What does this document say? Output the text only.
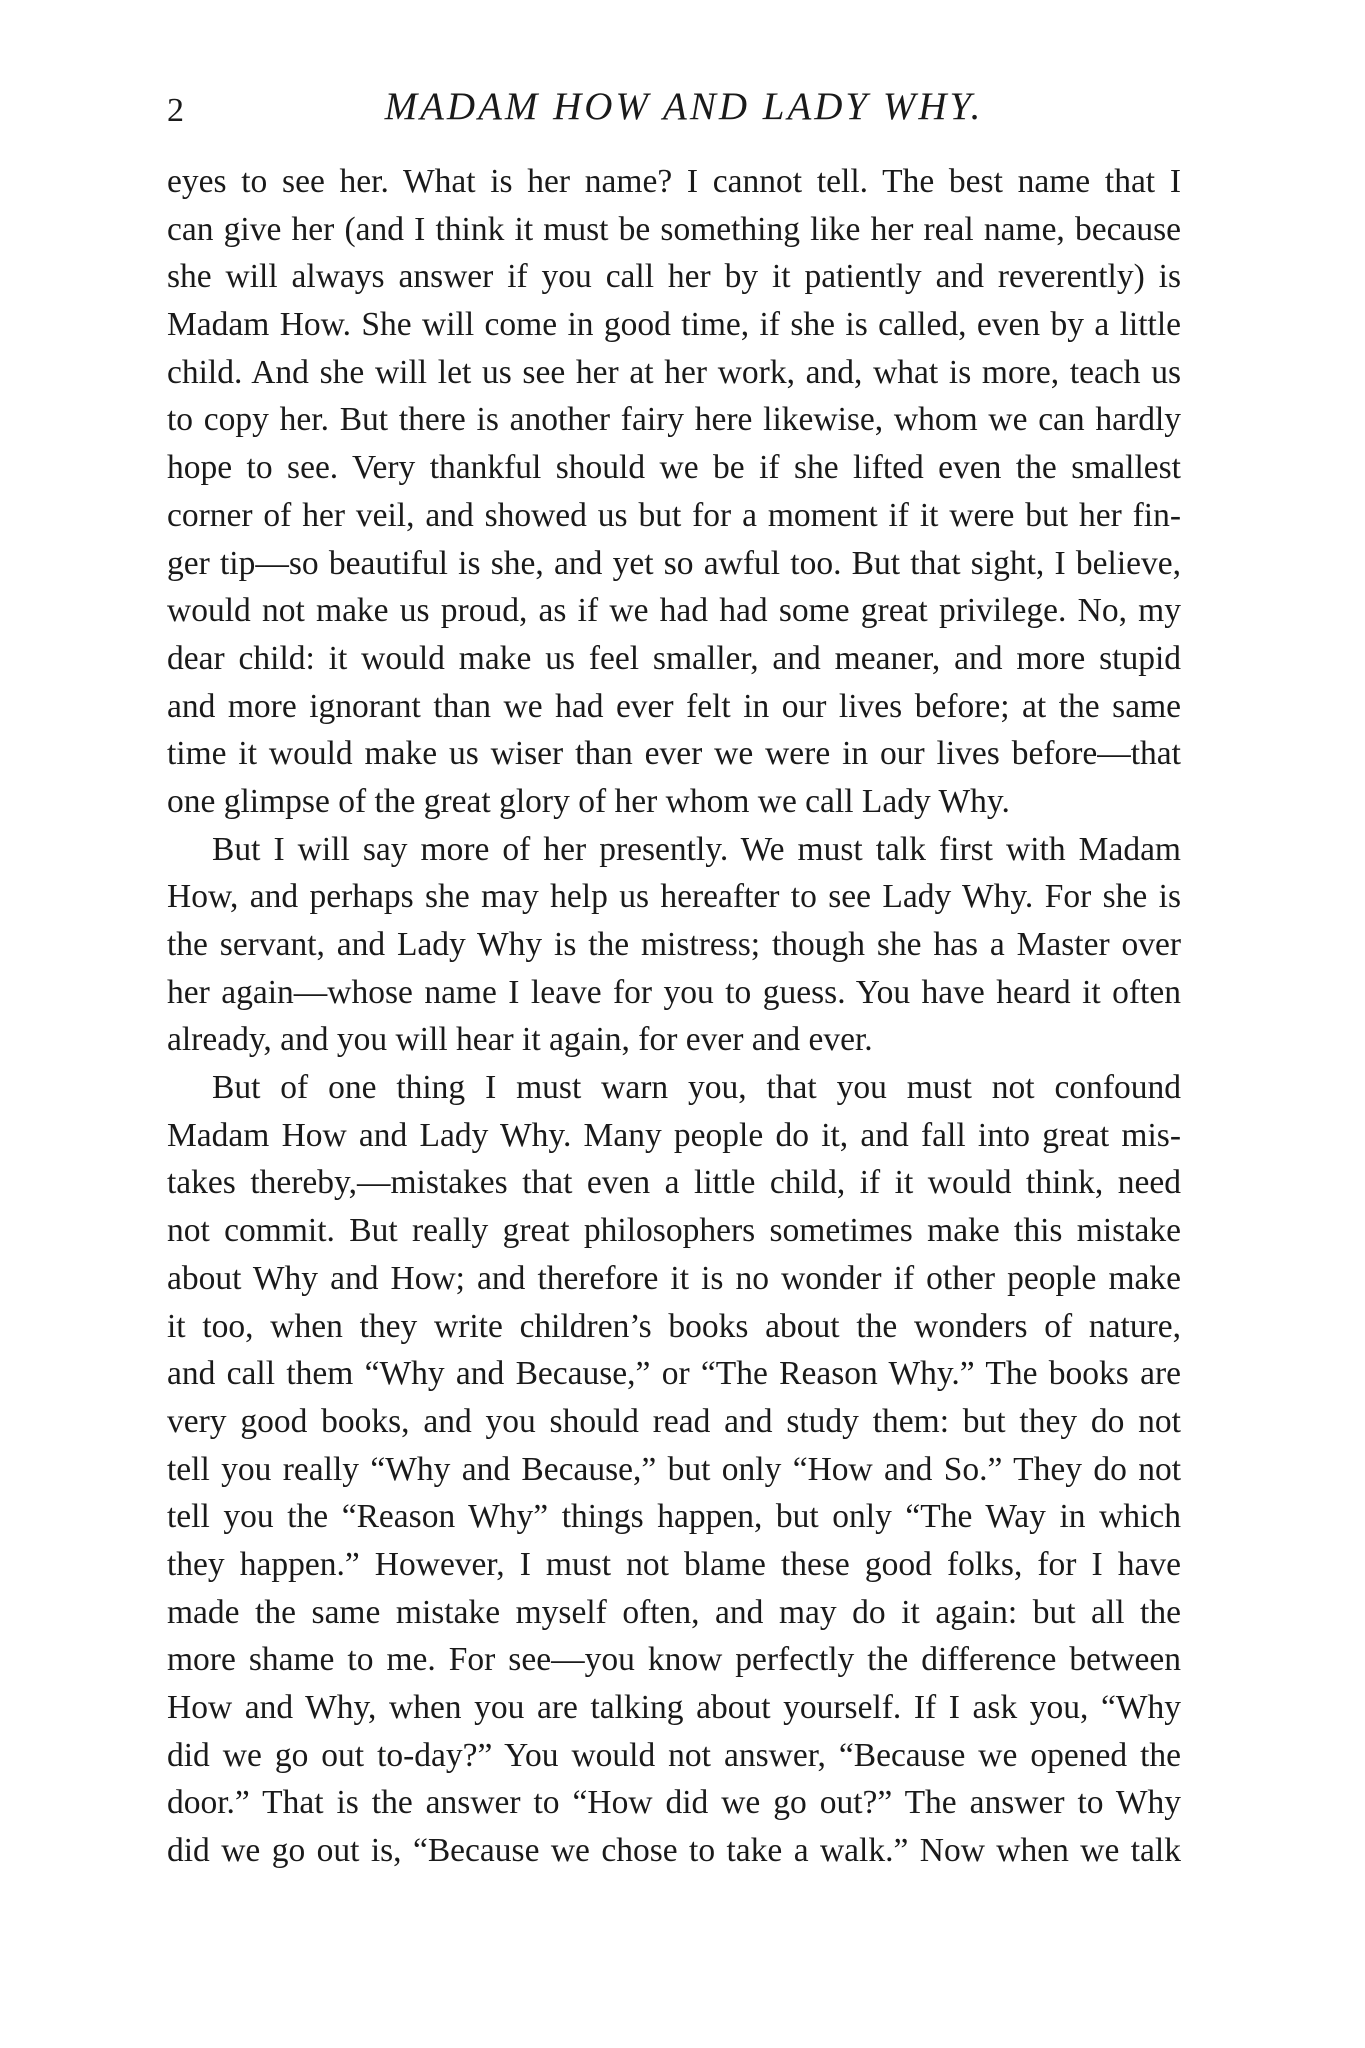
2	MADAM HOW AND LADY WHY.
eyes to see her. What is her name? I cannot tell. The best name that I
can give her (and I think it must be something like her real name, because
she will always answer if you call her by it patiently and reverently) is
Madam How. She will come in good time, if she is called, even by a little
child. And she will let us see her at her work, and, what is more, teach us
to copy her. But there is another fairy here likewise, whom we can hardly
hope to see. Very thankful should we be if she lifted even the smallest
corner of her veil, and showed us but for a moment if it were but her fin-
ger tip—so beautiful is she, and yet so awful too. But that sight, I believe,
would not make us proud, as if we had had some great privilege. No, my
dear child: it would make us feel smaller, and meaner, and more stupid
and more ignorant than we had ever felt in our lives before; at the same
time it would make us wiser than ever we were in our lives before—that
one glimpse of the great glory of her whom we call Lady Why.
But I will say more of her presently. We must talk first with Madam
How, and perhaps she may help us hereafter to see Lady Why. For she is
the servant, and Lady Why is the mistress; though she has a Master over
her again—whose name I leave for you to guess. You have heard it often
already, and you will hear it again, for ever and ever.
But of one thing I must warn you, that you must not confound
Madam How and Lady Why. Many people do it, and fall into great mis-
takes thereby,—mistakes that even a little child, if it would think, need
not commit. But really great philosophers sometimes make this mistake
about Why and How; and therefore it is no wonder if other people make
it too, when they write children’s books about the wonders of nature,
and call them “Why and Because,” or “The Reason Why.” The books are
very good books, and you should read and study them: but they do not
tell you really “Why and Because,” but only “How and So.” They do not
tell you the “Reason Why” things happen, but only “The Way in which
they happen.” However, I must not blame these good folks, for I have
made the same mistake myself often, and may do it again: but all the
more shame to me. For see—you know perfectly the difference between
How and Why, when you are talking about yourself. If I ask you, “Why
did we go out to-day?” You would not answer, “Because we opened the
door.” That is the answer to “How did we go out?” The answer to Why
did we go out is, “Because we chose to take a walk.” Now when we talk
